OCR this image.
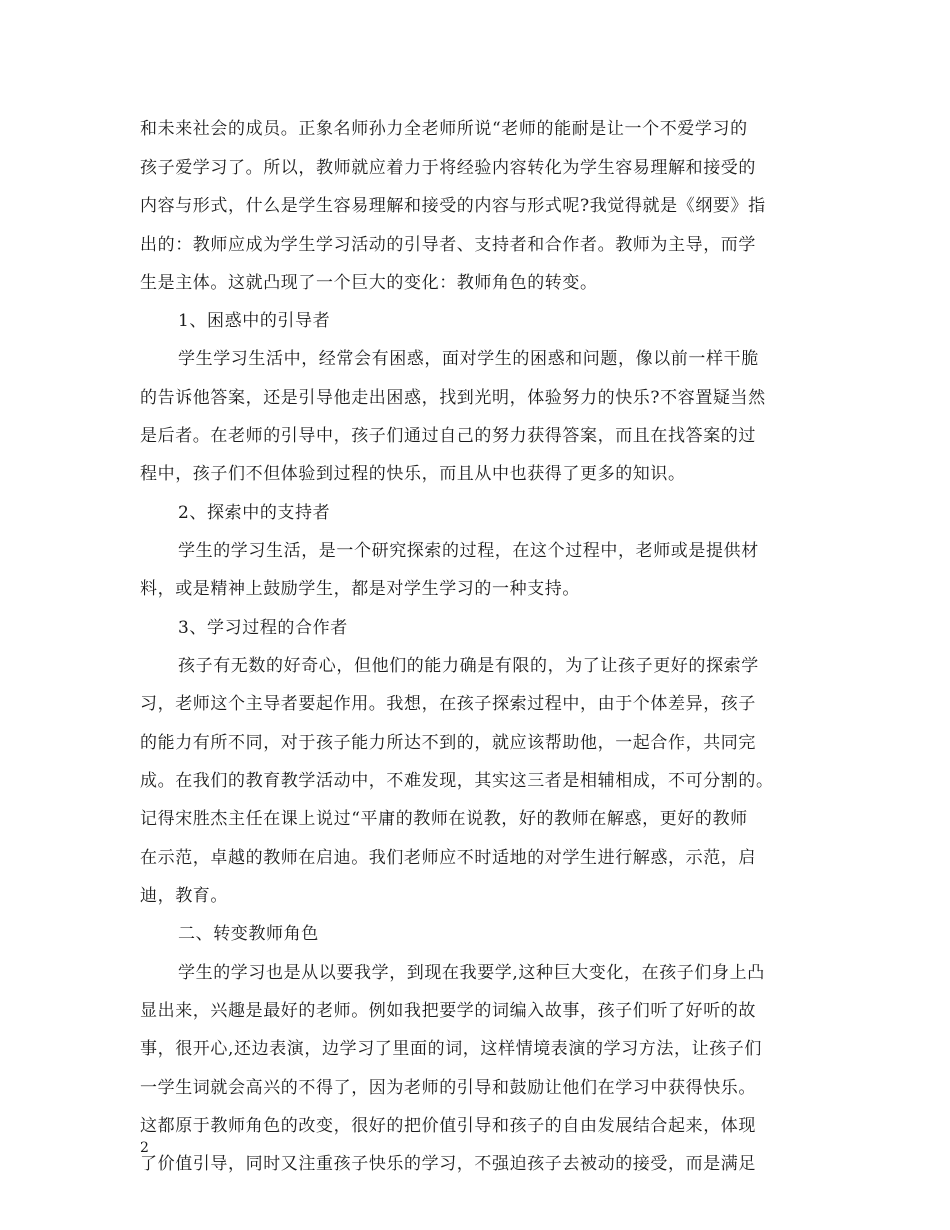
和未来社会的成员。正象名师孙力全老师所说“老师的能耐是让一个不爱学习的
孩子爱学习了。所以，教师就应着力于将经验内容转化为学生容易理解和接受的
内容与形式，什么是学生容易理解和接受的内容与形式呢?我觉得就是《纲要》指
出的：教师应成为学生学习活动的引导者、支持者和合作者。教师为主导，而学
生是主体。这就凸现了一个巨大的变化：教师角色的转变。
1、困惑中的引导者
学生学习生活中，经常会有困惑，面对学生的困惑和问题，像以前一样干脆
的告诉他答案，还是引导他走出困惑，找到光明，体验努力的快乐?不容置疑当然
是后者。在老师的引导中，孩子们通过自己的努力获得答案，而且在找答案的过
程中，孩子们不但体验到过程的快乐，而且从中也获得了更多的知识。
2、探索中的支持者
学生的学习生活，是一个研究探索的过程，在这个过程中，老师或是提供材
料，或是精神上鼓励学生，都是对学生学习的一种支持。
3、学习过程的合作者
孩子有无数的好奇心，但他们的能力确是有限的，为了让孩子更好的探索学
习，老师这个主导者要起作用。我想，在孩子探索过程中，由于个体差异，孩子
的能力有所不同，对于孩子能力所达不到的，就应该帮助他，一起合作，共同完
成。在我们的教育教学活动中，不难发现，其实这三者是相辅相成，不可分割的。
记得宋胜杰主任在课上说过“平庸的教师在说教，好的教师在解惑，更好的教师
在示范，卓越的教师在启迪。我们老师应不时适地的对学生进行解惑，示范，启
迪，教育。
二、转变教师角色
学生的学习也是从以要我学，到现在我要学,这种巨大变化，在孩子们身上凸
显出来，兴趣是最好的老师。例如我把要学的词编入故事，孩子们听了好听的故
事，很开心,还边表演，边学习了里面的词，这样情境表演的学习方法，让孩子们
一学生词就会高兴的不得了，因为老师的引导和鼓励让他们在学习中获得快乐。
这都原于教师角色的改变，很好的把价值引导和孩子的自由发展结合起来，体现
了价值引导，同时又注重孩子快乐的学习，不强迫孩子去被动的接受，而是满足
2
